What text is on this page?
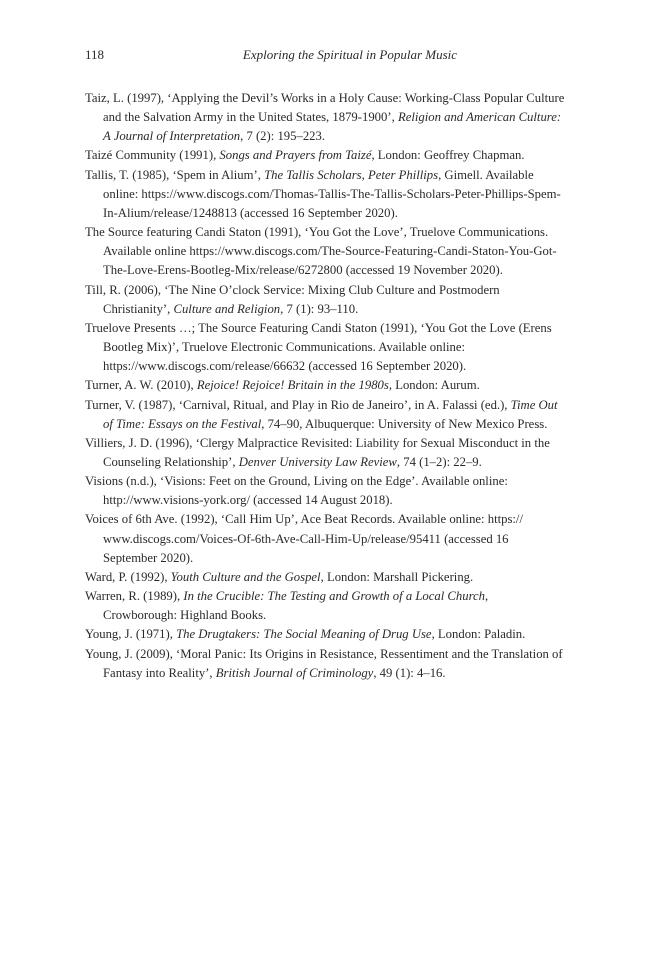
118	Exploring the Spiritual in Popular Music

Taiz, L. (1997), ‘Applying the Devil’s Works in a Holy Cause: Working-Class Popular Culture and the Salvation Army in the United States, 1879-1900’, Religion and American Culture: A Journal of Interpretation, 7 (2): 195–223.

Taizé Community (1991), Songs and Prayers from Taizé, London: Geoffrey Chapman.

Tallis, T. (1985), ‘Spem in Alium’, The Tallis Scholars, Peter Phillips, Gimell. Available online: https://www.discogs.com/Thomas-Tallis-The-Tallis-Scholars-Peter-Phillips-Spem-In-Alium/release/1248813 (accessed 16 September 2020).

The Source featuring Candi Staton (1991), ‘You Got the Love’, Truelove Communications. Available online https://www.discogs.com/The-Source-Featuring-Candi-Staton-You-Got-The-Love-Erens-Bootleg-Mix/release/6272800 (accessed 19 November 2020).

Till, R. (2006), ‘The Nine O’clock Service: Mixing Club Culture and Postmodern Christianity’, Culture and Religion, 7 (1): 93–110.

Truelove Presents …; The Source Featuring Candi Staton (1991), ‘You Got the Love (Erens Bootleg Mix)’, Truelove Electronic Communications. Available online: https://www.discogs.com/release/66632 (accessed 16 September 2020).

Turner, A. W. (2010), Rejoice! Rejoice! Britain in the 1980s, London: Aurum.

Turner, V. (1987), ‘Carnival, Ritual, and Play in Rio de Janeiro’, in A. Falassi (ed.), Time Out of Time: Essays on the Festival, 74–90, Albuquerque: University of New Mexico Press.

Villiers, J. D. (1996), ‘Clergy Malpractice Revisited: Liability for Sexual Misconduct in the Counseling Relationship’, Denver University Law Review, 74 (1–2): 22–9.

Visions (n.d.), ‘Visions: Feet on the Ground, Living on the Edge’. Available online: http://www.visions-york.org/ (accessed 14 August 2018).

Voices of 6th Ave. (1992), ‘Call Him Up’, Ace Beat Records. Available online: https:// www.discogs.com/Voices-Of-6th-Ave-Call-Him-Up/release/95411 (accessed 16 September 2020).

Ward, P. (1992), Youth Culture and the Gospel, London: Marshall Pickering.

Warren, R. (1989), In the Crucible: The Testing and Growth of a Local Church, Crowborough: Highland Books.

Young, J. (1971), The Drugtakers: The Social Meaning of Drug Use, London: Paladin.

Young, J. (2009), ‘Moral Panic: Its Origins in Resistance, Ressentiment and the Translation of Fantasy into Reality’, British Journal of Criminology, 49 (1): 4–16.
